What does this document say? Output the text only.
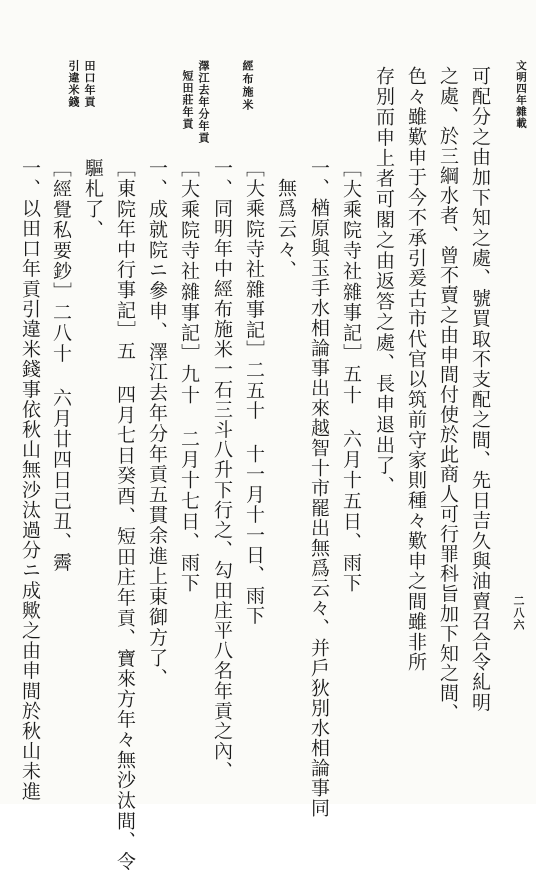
文明四年雜載
二八六
可配分之由加下知之處、號買取不支配之間、先日吉久與油賣召合令糺明
之處、於三綱水者、曾不賣之由申間付使於此商人可行罪科旨加下知之間、
色々雖歎申于今不承引爰古市代官以筑前守家則種々歎申之間雖非所
存別而申上者可閣之由返答之處、長申退出了、
［大乘院寺社雜事記］五十 六月十五日、雨下
一、楢原與玉手水相論事出來越智十市罷出無爲云々、并戶狄別水相論事同
無爲云々、
［大乘院寺社雜事記］二五十 十一月十一日、雨下
一、同明年中經布施米一石三斗八升下行之、勾田庄平八名年貢之內、
［大乘院寺社雜事記］九十 二月十七日、雨下
一、成就院ニ參申、澤江去年分年貢五貫余進上東御方了、
［東院年中行事記］五 四月七日癸酉、短田庄年貢、寶來方年々無沙汰間、令
驅札了、
［經覺私要鈔］二八十 六月廿四日己丑、霽
一、以田口年貢引違米錢事依秋山無沙汰過分ニ成歟之由申間於秋山未進
經布施米
澤江去年分年貢
短田莊年貢
田口年貢
引違米錢
